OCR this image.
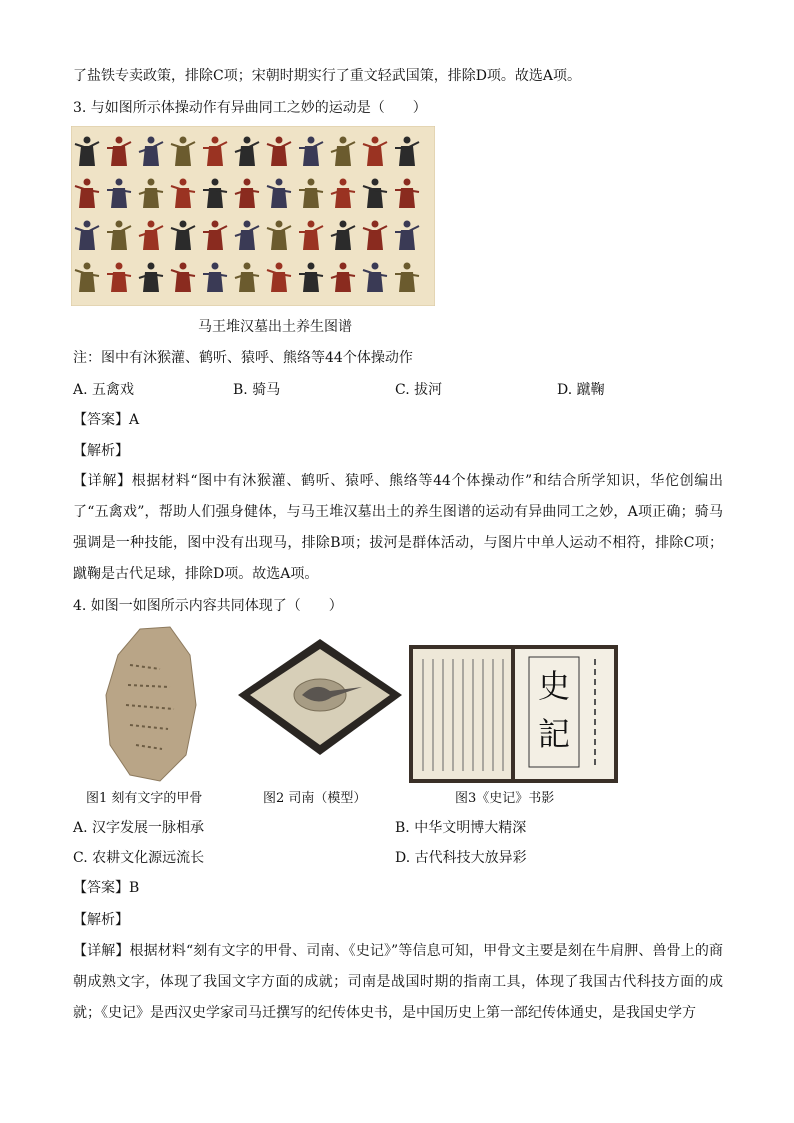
了盐铁专卖政策，排除C项；宋朝时期实行了重文轻武国策，排除D项。故选A项。
3. 与如图所示体操动作有异曲同工之妙的运动是（　　）
马王堆汉墓出土养生图谱
注：图中有沐猴灌、鹤听、猿呼、熊络等44个体操动作
A. 五禽戏	B. 骑马	C. 拔河	D. 蹴鞠
【答案】A
【解析】
【详解】根据材料“图中有沐猴灌、鹤听、猿呼、熊络等44个体操动作”和结合所学知识，华佗创编出了“五禽戏”，帮助人们强身健体，与马王堆汉墓出土的养生图谱的运动有异曲同工之妙，A项正确；骑马强调是一种技能，图中没有出现马，排除B项；拔河是群体活动，与图片中单人运动不相符，排除C项；蹴鞠是古代足球，排除D项。故选A项。
4. 如图一如图所示内容共同体现了（　　）
史
記
图1 刻有文字的甲骨	图2 司南（模型）	图3《史记》书影
A. 汉字发展一脉相承	B. 中华文明博大精深
C. 农耕文化源远流长	D. 古代科技大放异彩
【答案】B
【解析】
【详解】根据材料“刻有文字的甲骨、司南、《史记》”等信息可知，甲骨文主要是刻在牛肩胛、兽骨上的商朝成熟文字，体现了我国文字方面的成就；司南是战国时期的指南工具，体现了我国古代科技方面的成就；《史记》是西汉史学家司马迁撰写的纪传体史书，是中国历史上第一部纪传体通史，是我国史学方
